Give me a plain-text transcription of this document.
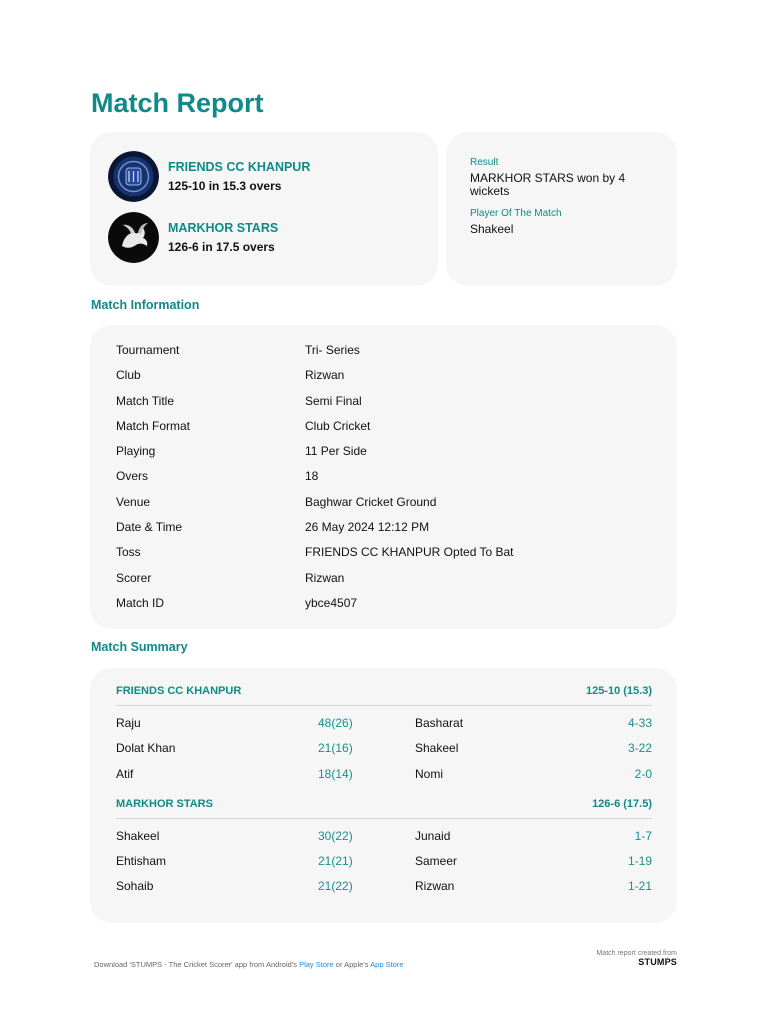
Match Report
FRIENDS CC KHANPUR
125-10 in 15.3 overs
MARKHOR STARS
126-6 in 17.5 overs
Result
MARKHOR STARS won by 4 wickets
Player Of The Match
Shakeel
Match Information
Tournament	Tri- Series
Club	Rizwan
Match Title	Semi Final
Match Format	Club Cricket
Playing	11 Per Side
Overs	18
Venue	Baghwar Cricket Ground
Date & Time	26 May 2024 12:12 PM
Toss	FRIENDS CC KHANPUR Opted To Bat
Scorer	Rizwan
Match ID	ybce4507
Match Summary
FRIENDS CC KHANPUR	125-10 (15.3)
Raju	48(26)	Basharat	4-33
Dolat Khan	21(16)	Shakeel	3-22
Atif	18(14)	Nomi	2-0
MARKHOR STARS	126-6 (17.5)
Shakeel	30(22)	Junaid	1-7
Ehtisham	21(21)	Sameer	1-19
Sohaib	21(22)	Rizwan	1-21
Download 'STUMPS - The Cricket Scorer' app from Android's Play Store or Apple's App Store
Match report created from
STUMPS
